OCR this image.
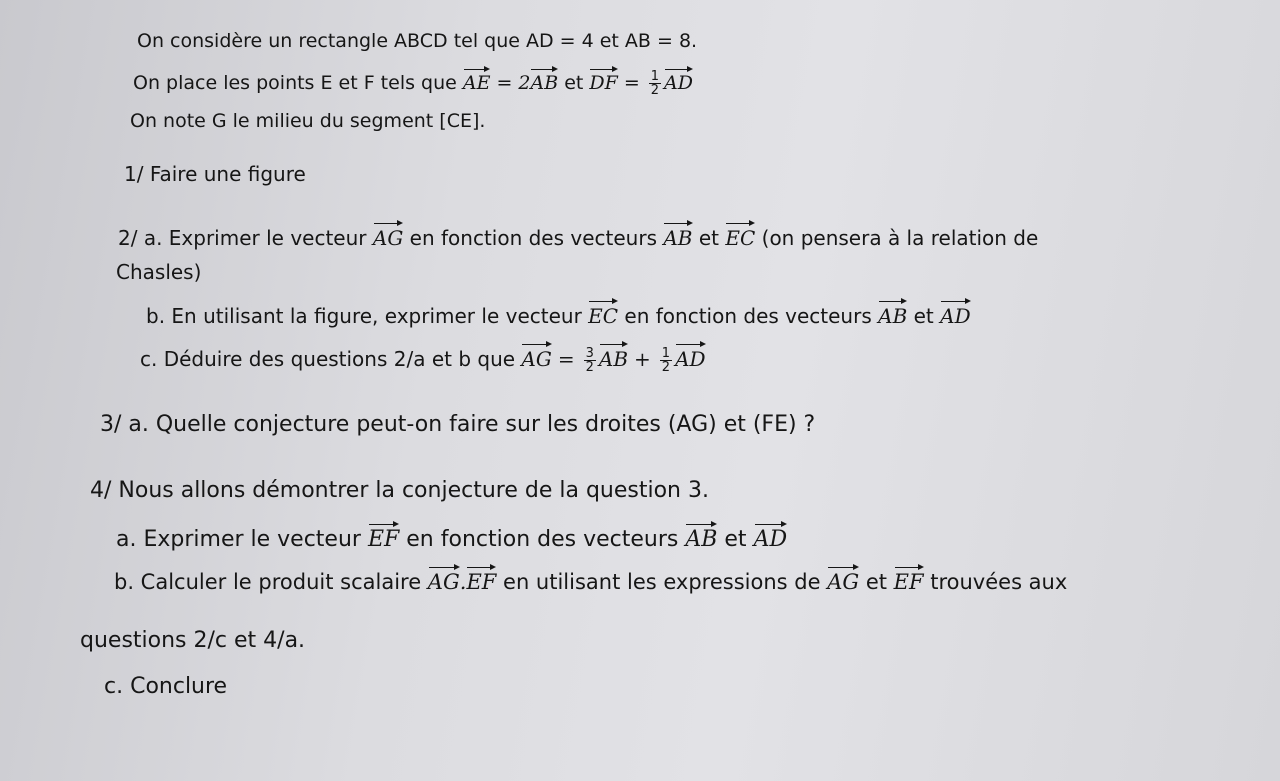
On considère un rectangle ABCD tel que AD = 4 et AB = 8.
On place les points E et F tels que AE = 2AB et DF = $\frac{1}{2}$ AD
On note G le milieu du segment [CE].
1/ Faire une figure
2/ a. Exprimer le vecteur AG en fonction des vecteurs AB et EC (on pensera à la relation de
Chasles)
b. En utilisant la figure, exprimer le vecteur EC en fonction des vecteurs AB et AD
c. Déduire des questions 2/a et b que AG = $\frac{3}{2}$ AB + $\frac{1}{2}$ AD
3/ a. Quelle conjecture peut-on faire sur les droites (AG) et (FE) ?
4/ Nous allons démontrer la conjecture de la question 3.
a. Exprimer le vecteur EF en fonction des vecteurs AB et AD
b. Calculer le produit scalaire AG.EF en utilisant les expressions de AG et EF trouvées aux
questions 2/c et 4/a.
c. Conclure
